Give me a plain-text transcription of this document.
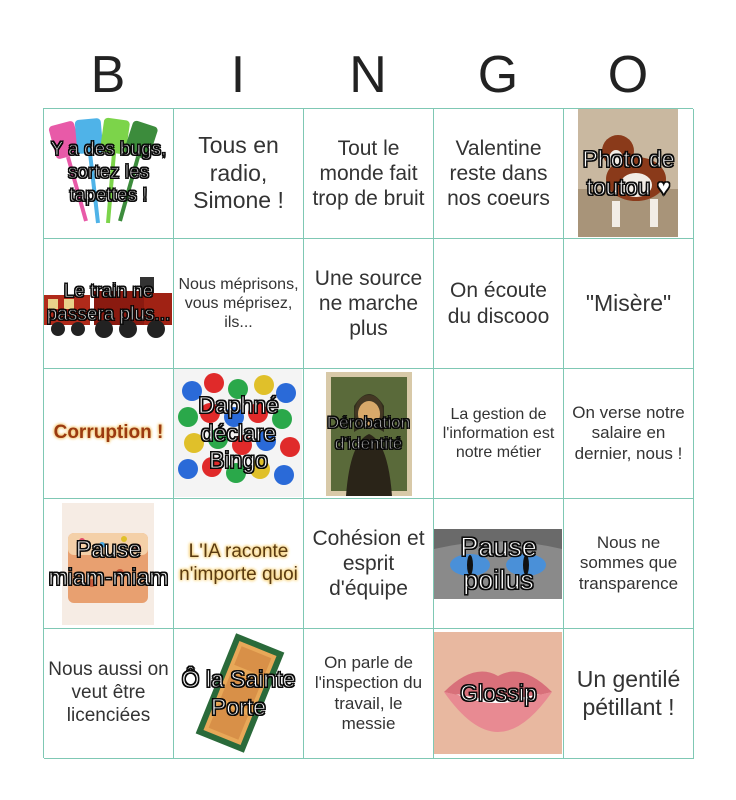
B	I	N	G	O
Y a des bugs, sortez les tapettes !
Tous en radio, Simone !
Tout le monde fait trop de bruit
Valentine reste dans nos coeurs
Photo de toutou ♥
Le train ne passera plus...
Nous méprisons, vous méprisez, ils...
Une source ne marche plus
On écoute du discooo
"Misère"
Corruption !
Daphné déclare Bingo
Dérobation d'identité
La gestion de l'information est notre métier
On verse notre salaire en dernier, nous !
Pause miam-miam
L'IA raconte n'importe quoi
Cohésion et esprit d'équipe
Pause poilus
Nous ne sommes que transparence
Nous aussi on veut être licenciées
Ô la Sainte Porte
On parle de l'inspection du travail, le messie
Glossip
Un gentilé pétillant !
